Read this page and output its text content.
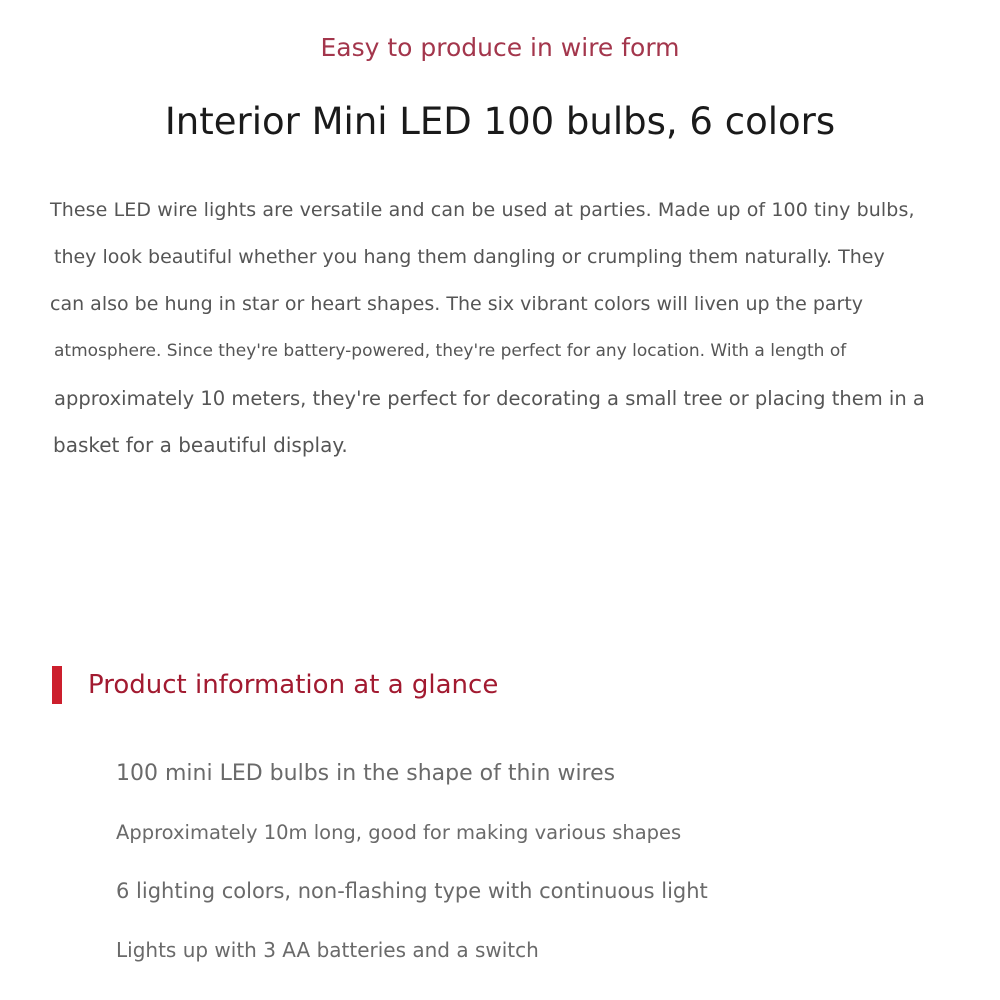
Easy to produce in wire form
Interior Mini LED 100 bulbs, 6 colors
These LED wire lights are versatile and can be used at parties. Made up of 100 tiny bulbs,
they look beautiful whether you hang them dangling or crumpling them naturally. They
can also be hung in star or heart shapes. The six vibrant colors will liven up the party
atmosphere. Since they're battery-powered, they're perfect for any location. With a length of
approximately 10 meters, they're perfect for decorating a small tree or placing them in a
basket for a beautiful display.
Product information at a glance
100 mini LED bulbs in the shape of thin wires
Approximately 10m long, good for making various shapes
6 lighting colors, non-flashing type with continuous light
Lights up with 3 AA batteries and a switch
